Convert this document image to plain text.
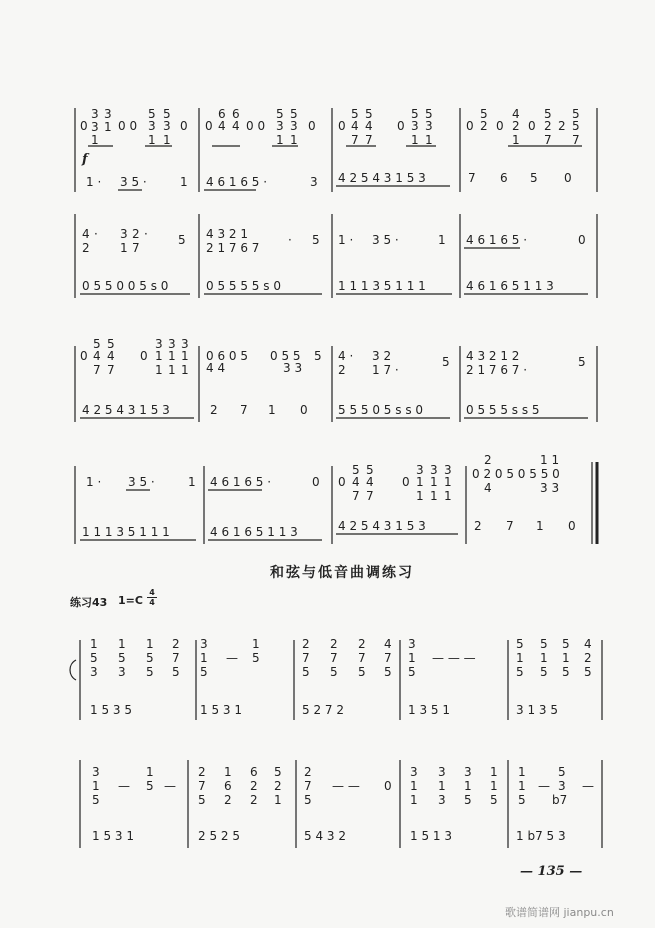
和弦与低音曲调练习
练习43 1=C
4
4
f
— 135 —
歌谱简谱网 jianpu.cn
0
3
3
1
3
1 0 0
5
3
1
5
3
1
0 0
6
4
6
4 0 0
5
3
1
5
3
1
0 0
5
4
7
5
4
7
0
5
3
1
5
3
1
0
5
2 0
4
2
1
0
5
2
7
2
5
5
7
1 · 3 5 ·	1 4 6 1 6 5 ·	3 4 2 5 4 3 1 5 3	7 6 5 0
4
2
· 3
1
2
7
·	5 4 3 2 1
2 1 7 6 7
· 5 1 · 3 5 ·	1 4 6 1 6 5 ·	0
0 5 5 0 0 5 s 0	0 5 5 5 5 s 0	1 1 1 3 5 1 1 1	4 6 1 6 5 1 1 3
0
5
4
7
5
4
7
0
3
1
1
3
1
1
3
1
1
0 6 0 5
4 4
0 5 5
3 3
5 4 ·
2
3 2
1 7 ·
5 4 3 2 1 2
2 1 7 6 7 ·
5
4 2 5 4 3 1 5 3	2 7 1 0	5 5 5 0 5 s s 0	0 5 5 5 s s 5
1 · 3 5 ·	1 4 6 1 6 5 ·	0 0
5
4
7
5
4
7
0
3
1
1
3
1
1
3
1
1
0 2 0 5 0 5 5 0
2	1 1
4	3 3
1 1 1 3 5 1 1 1	4 6 1 6 5 1 1 3	4 2 5 4 3 1 5 3	2 7 1 0
1
5
3
1
5
3
1
5
5
2
7
5
3
1
5
—
1
5
2
7
5
2
7
5
2
7
5
4
7
5
3
1
5
— — —
5
1
5
5
1
5
5
1
5
4
2
5
1 5 3 5	1 5 3 1	5 2 7 2	1 3 5 1	3 1 3 5
3
1
5
—
1
5 —
2
7
5
1
6
2
6
2
2
5
2
1
2
7
5
— — 0
3
1
1
3
1
3
3
1
5
1
1
5
1
1
5
—
5
3
b7
—
1 5 3 1	2 5 2 5	5 4 3 2	1 5 1 3	1 b7 5 3
